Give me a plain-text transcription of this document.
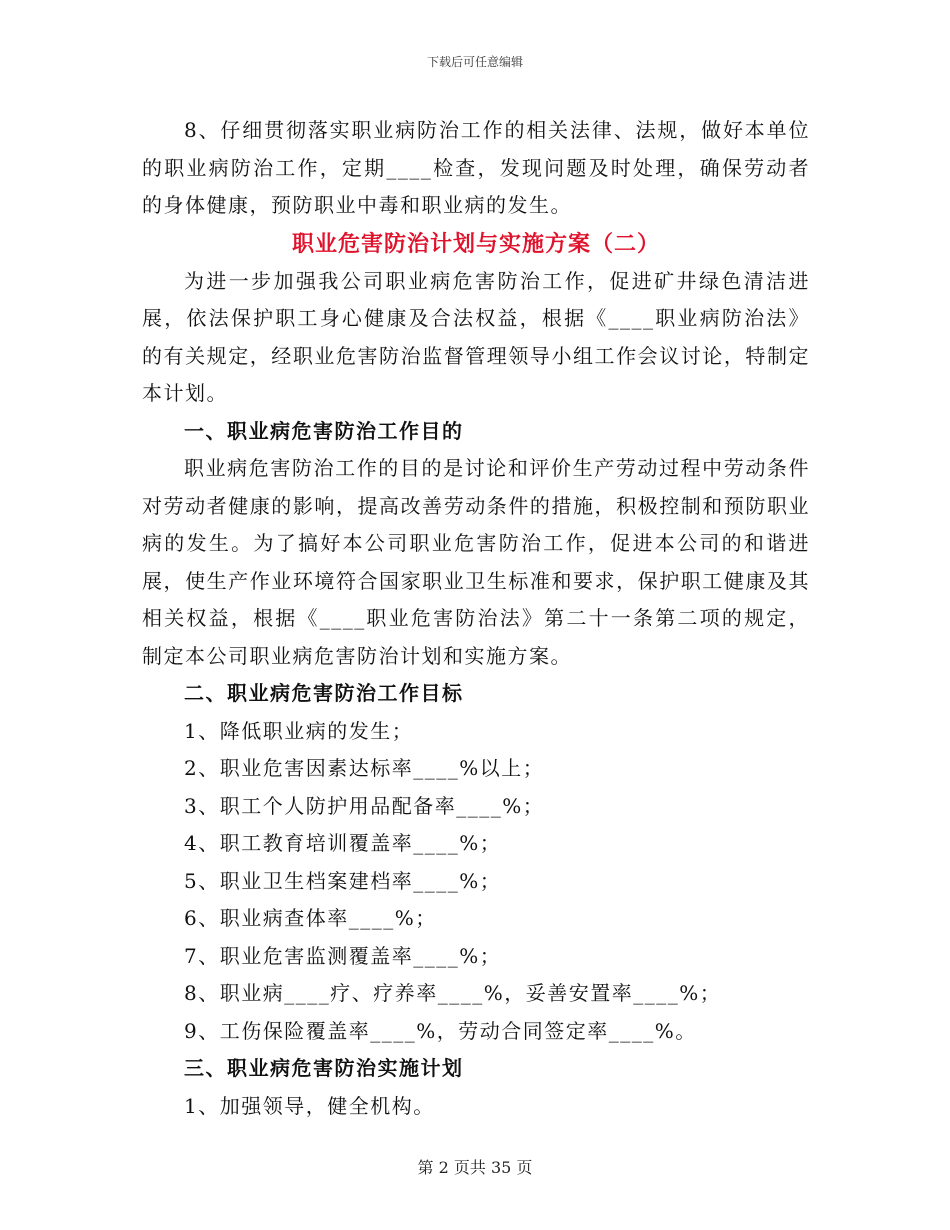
下载后可任意编辑

8、仔细贯彻落实职业病防治工作的相关法律、法规，做好本单位的职业病防治工作，定期____检查，发现问题及时处理，确保劳动者的身体健康，预防职业中毒和职业病的发生。

职业危害防治计划与实施方案（二）

为进一步加强我公司职业病危害防治工作，促进矿井绿色清洁进展，依法保护职工身心健康及合法权益，根据《____职业病防治法》的有关规定，经职业危害防治监督管理领导小组工作会议讨论，特制定本计划。

一、职业病危害防治工作目的

职业病危害防治工作的目的是讨论和评价生产劳动过程中劳动条件对劳动者健康的影响，提高改善劳动条件的措施，积极控制和预防职业病的发生。为了搞好本公司职业危害防治工作，促进本公司的和谐进展，使生产作业环境符合国家职业卫生标准和要求，保护职工健康及其相关权益，根据《____职业危害防治法》第二十一条第二项的规定，制定本公司职业病危害防治计划和实施方案。

二、职业病危害防治工作目标

1、降低职业病的发生；

2、职业危害因素达标率____%以上；

3、职工个人防护用品配备率____%；

4、职工教育培训覆盖率____%；

5、职业卫生档案建档率____%；

6、职业病查体率____%；

7、职业危害监测覆盖率____%；

8、职业病____疗、疗养率____%，妥善安置率____%；

9、工伤保险覆盖率____%，劳动合同签定率____%。

三、职业病危害防治实施计划

1、加强领导，健全机构。

第 2 页共 35 页
